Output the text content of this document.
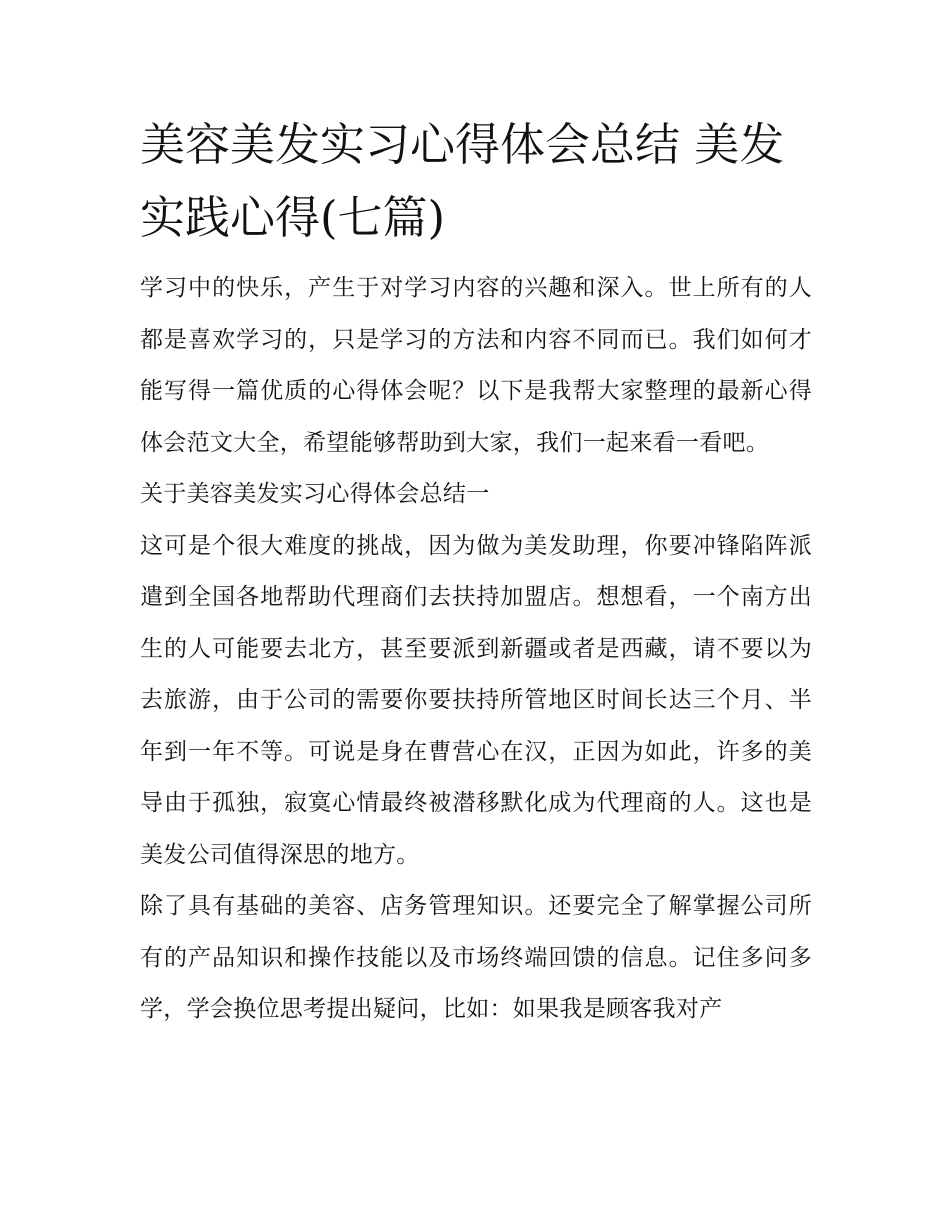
美容美发实习心得体会总结 美发实践心得(七篇)

学习中的快乐，产生于对学习内容的兴趣和深入。世上所有的人都是喜欢学习的，只是学习的方法和内容不同而已。我们如何才能写得一篇优质的心得体会呢？以下是我帮大家整理的最新心得体会范文大全，希望能够帮助到大家，我们一起来看一看吧。

关于美容美发实习心得体会总结一

这可是个很大难度的挑战，因为做为美发助理，你要冲锋陷阵派遣到全国各地帮助代理商们去扶持加盟店。想想看，一个南方出生的人可能要去北方，甚至要派到新疆或者是西藏，请不要以为去旅游，由于公司的需要你要扶持所管地区时间长达三个月、半年到一年不等。可说是身在曹营心在汉，正因为如此，许多的美导由于孤独，寂寞心情最终被潜移默化成为代理商的人。这也是美发公司值得深思的地方。

除了具有基础的美容、店务管理知识。还要完全了解掌握公司所有的产品知识和操作技能以及市场终端回馈的信息。记住多问多学，学会换位思考提出疑问，比如：如果我是顾客我对产
